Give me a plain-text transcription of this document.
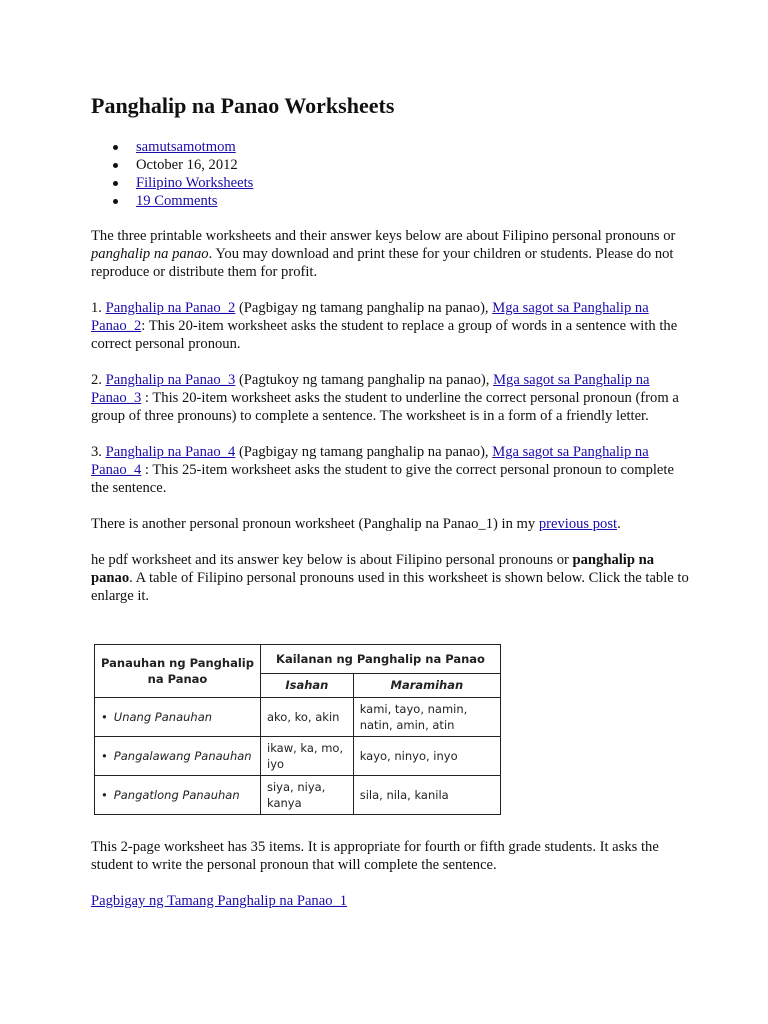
Panghalip na Panao Worksheets
samutsamotmom
October 16, 2012
Filipino Worksheets
19 Comments

The three printable worksheets and their answer keys below are about Filipino personal pronouns or panghalip na panao. You may download and print these for your children or students. Please do not reproduce or distribute them for profit.

1. Panghalip na Panao_2 (Pagbigay ng tamang panghalip na panao), Mga sagot sa Panghalip na Panao_2: This 20-item worksheet asks the student to replace a group of words in a sentence with the correct personal pronoun.

2. Panghalip na Panao_3 (Pagtukoy ng tamang panghalip na panao), Mga sagot sa Panghalip na Panao_3 : This 20-item worksheet asks the student to underline the correct personal pronoun (from a group of three pronouns) to complete a sentence. The worksheet is in a form of a friendly letter.

3. Panghalip na Panao_4 (Pagbigay ng tamang panghalip na panao), Mga sagot sa Panghalip na Panao_4 : This 25-item worksheet asks the student to give the correct personal pronoun to complete the sentence.

There is another personal pronoun worksheet (Panghalip na Panao_1) in my previous post.

he pdf worksheet and its answer key below is about Filipino personal pronouns or panghalip na panao. A table of Filipino personal pronouns used in this worksheet is shown below. Click the table to enlarge it.

Panauhan ng Panghalip na Panao	Kailanan ng Panghalip na Panao	
	Isahan	Maramihan
• Unang Panauhan	ako, ko, akin	kami, tayo, namin, natin, amin, atin
• Pangalawang Panauhan	ikaw, ka, mo, iyo	kayo, ninyo, inyo
• Pangatlong Panauhan	siya, niya, kanya	sila, nila, kanila

This 2-page worksheet has 35 items. It is appropriate for fourth or fifth grade students. It asks the student to write the personal pronoun that will complete the sentence.

Pagbigay ng Tamang Panghalip na Panao_1
